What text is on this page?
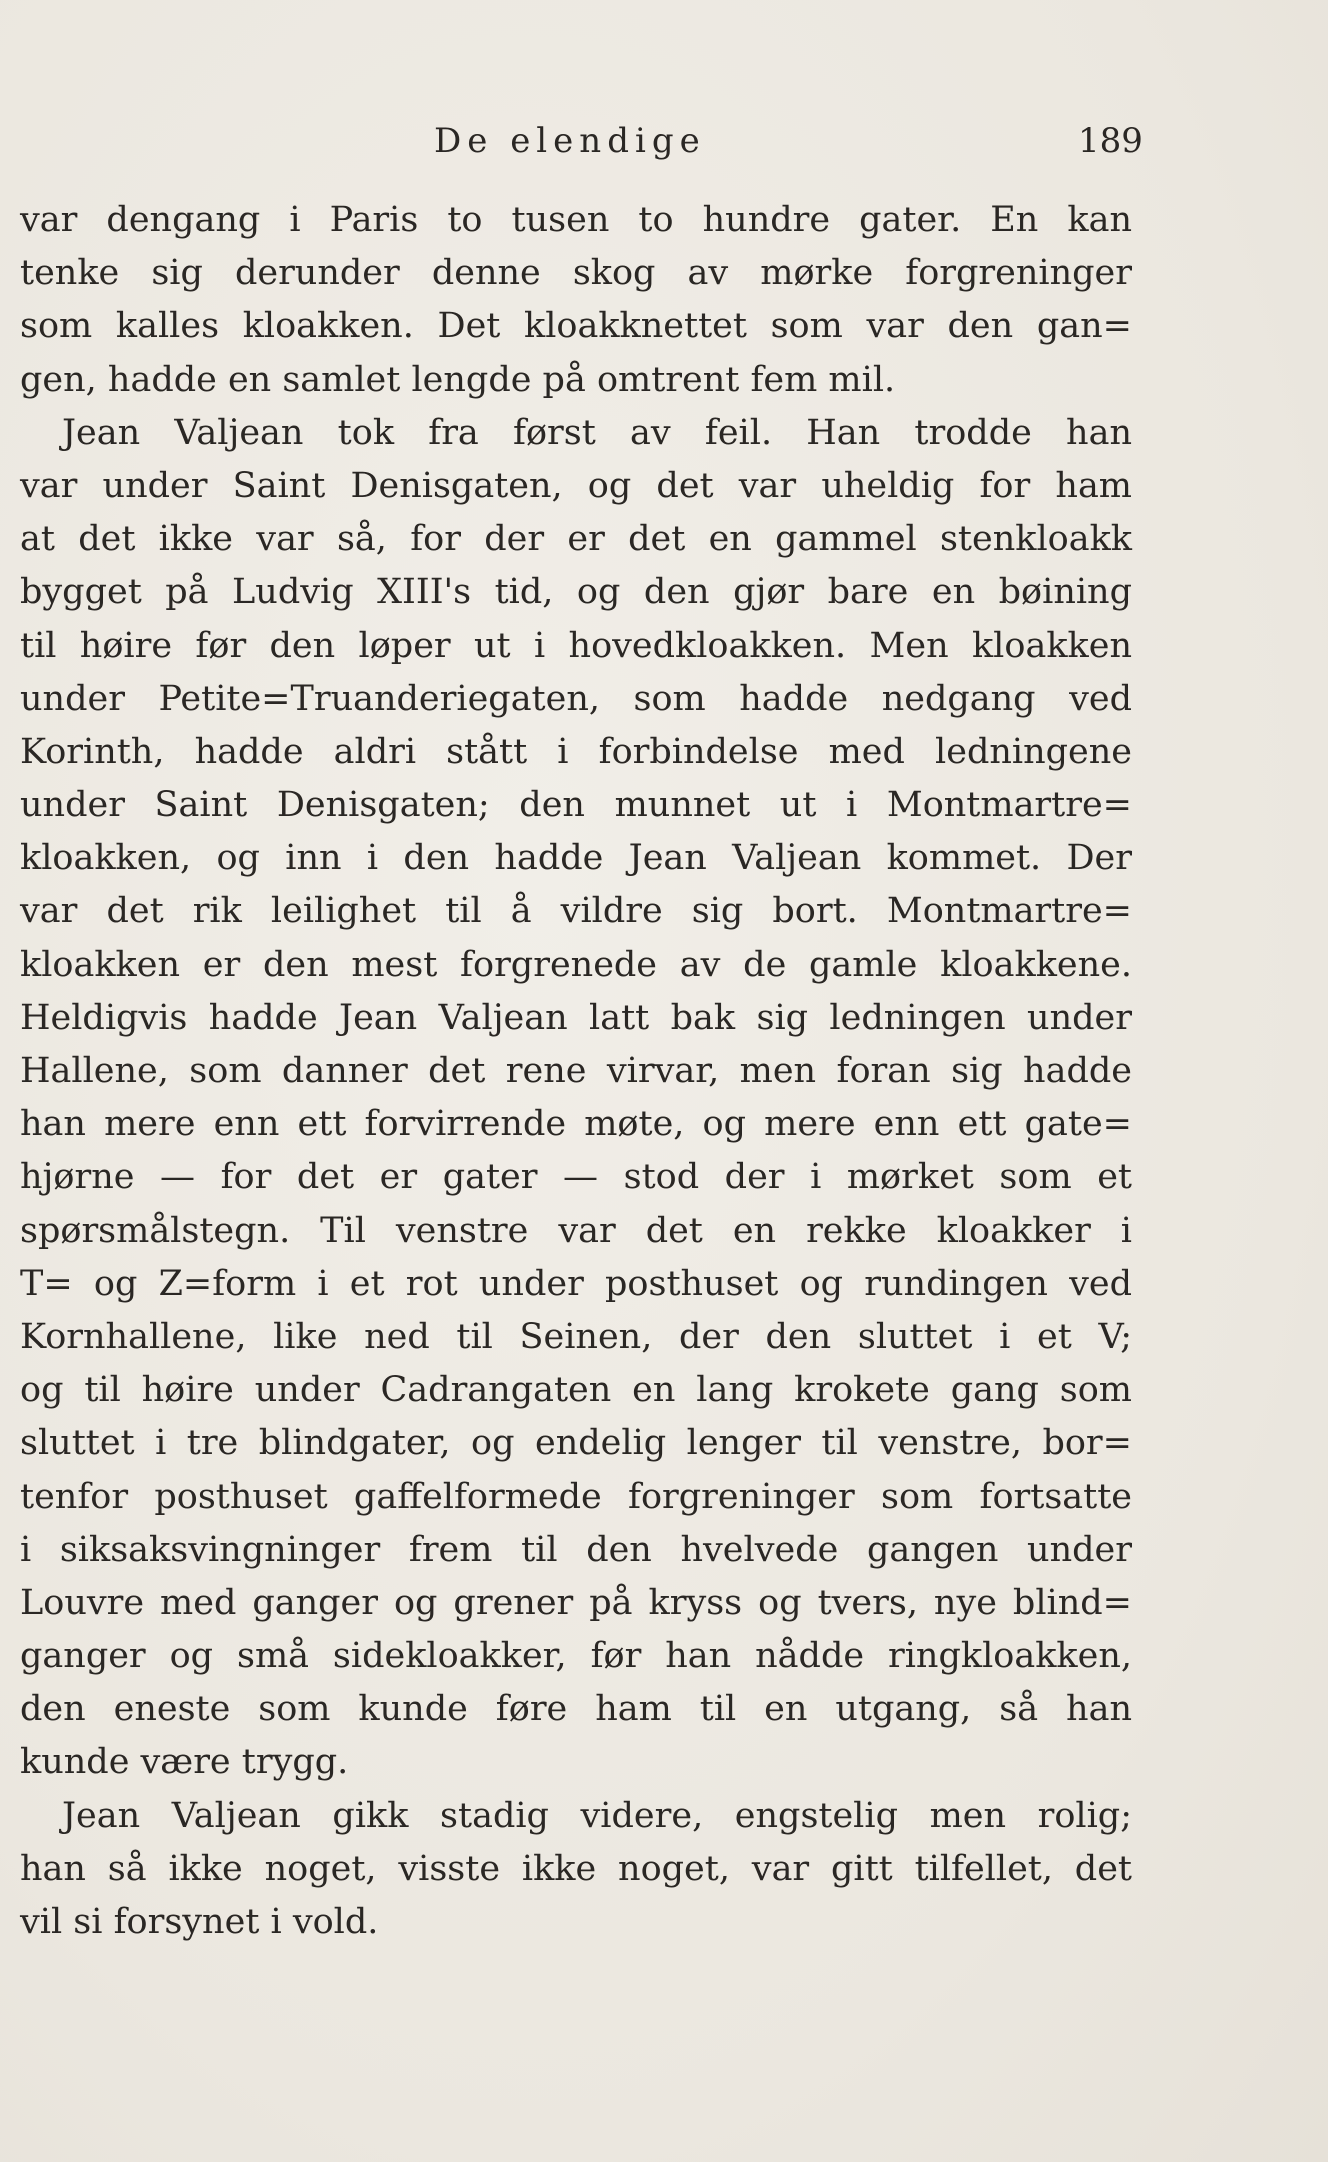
De elendige	189
var dengang i Paris to tusen to hundre gater. En kan
tenke sig derunder denne skog av mørke forgreninger
som kalles kloakken. Det kloakknettet som var den gan=
gen, hadde en samlet lengde på omtrent fem mil.
Jean Valjean tok fra først av feil. Han trodde han
var under Saint Denisgaten, og det var uheldig for ham
at det ikke var så, for der er det en gammel stenkloakk
bygget på Ludvig XIII's tid, og den gjør bare en bøining
til høire før den løper ut i hovedkloakken. Men kloakken
under Petite=Truanderiegaten, som hadde nedgang ved
Korinth, hadde aldri stått i forbindelse med ledningene
under Saint Denisgaten; den munnet ut i Montmartre=
kloakken, og inn i den hadde Jean Valjean kommet. Der
var det rik leilighet til å vildre sig bort. Montmartre=
kloakken er den mest forgrenede av de gamle kloakkene.
Heldigvis hadde Jean Valjean latt bak sig ledningen under
Hallene, som danner det rene virvar, men foran sig hadde
han mere enn ett forvirrende møte, og mere enn ett gate=
hjørne — for det er gater — stod der i mørket som et
spørsmålstegn. Til venstre var det en rekke kloakker i
T= og Z=form i et rot under posthuset og rundingen ved
Kornhallene, like ned til Seinen, der den sluttet i et V;
og til høire under Cadrangaten en lang krokete gang som
sluttet i tre blindgater, og endelig lenger til venstre, bor=
tenfor posthuset gaffelformede forgreninger som fortsatte
i siksaksvingninger frem til den hvelvede gangen under
Louvre med ganger og grener på kryss og tvers, nye blind=
ganger og små sidekloakker, før han nådde ringkloakken,
den eneste som kunde føre ham til en utgang, så han
kunde være trygg.
Jean Valjean gikk stadig videre, engstelig men rolig;
han så ikke noget, visste ikke noget, var gitt tilfellet, det
vil si forsynet i vold.
